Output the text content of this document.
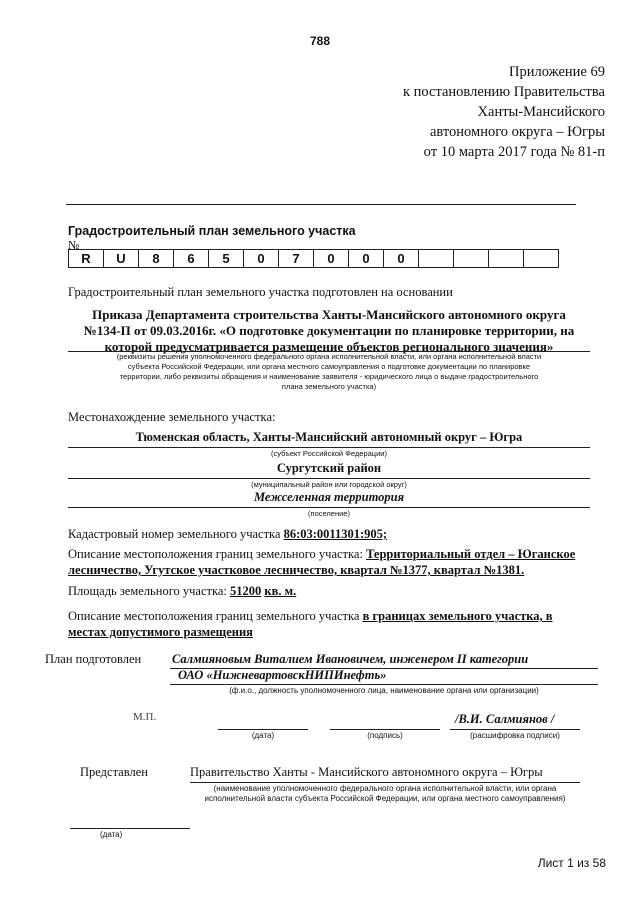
788
Приложение 69
к постановлению Правительства
Ханты-Мансийского
автономного округа – Югры
от 10 марта 2017 года № 81-п
Градостроительный план земельного участка
№
R	U	8	6	5	0	7	0	0	0				
Градостроительный план земельного участка подготовлен на основании
Приказа Департамента строительства Ханты-Мансийского автономного округа
№134-П от 09.03.2016г. «О подготовке документации по планировке территории, на
которой предусматривается размещение объектов регионального значения»
(реквизиты решения уполномоченного федерального органа исполнительной власти, или органа исполнительной власти
субъекта Российской Федерации, или органа местного самоуправления о подготовке документации по планировке
территории, либо реквизиты обращения и наименование заявителя - юридического лица о выдаче градостроительного
плана земельного участка)
Местонахождение земельного участка:
Тюменская область, Ханты-Мансийский автономный округ – Югра
(субъект Российской Федерации)
Сургутский район
(муниципальный район или городской округ)
Межселенная территория
(поселение)
Кадастровый номер земельного участка 86:03:0011301:905;
Описание местоположения границ земельного участка: Территориальный отдел – Юганское
лесничество, Угутское участковое лесничество, квартал №1377, квартал №1381.
Площадь земельного участка: 51200 кв. м.
Описание местоположения границ земельного участка в границах земельного участка, в
местах допустимого размещения
План подготовлен Салмияновым Виталием Ивановичем, инженером II категории
ОАО «НижневартовскНИПИнефть»
(ф.и.о., должность уполномоченного лица, наименование органа или организации)
М.П.
(дата)	(подпись)
/В.И. Салмиянов /
(расшифровка подписи)
Представлен	Правительство Ханты - Мансийского автономного округа – Югры
(наименование уполномоченного федерального органа исполнительной власти, или органа
исполнительной власти субъекта Российской Федерации, или органа местного самоуправления)
(дата)
Лист 1 из 58
